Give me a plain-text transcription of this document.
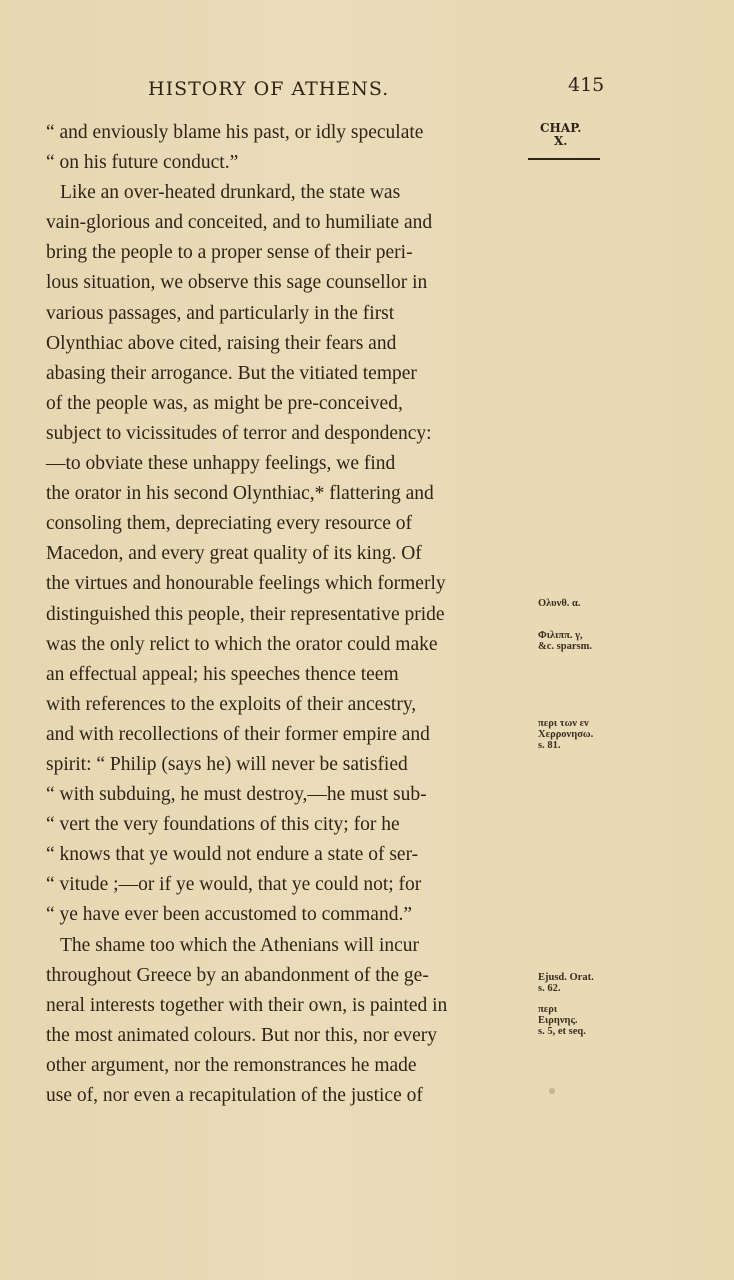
HISTORY OF ATHENS.	415
CHAP.
X.
“ and enviously blame his past, or idly speculate
“ on his future conduct.”
Like an over-heated drunkard, the state was
vain-glorious and conceited, and to humiliate and
bring the people to a proper sense of their peri-
lous situation, we observe this sage counsellor in
various passages, and particularly in the first
Olynthiac above cited, raising their fears and
abasing their arrogance. But the vitiated temper
of the people was, as might be pre-conceived,
subject to vicissitudes of terror and despondency:
—to obviate these unhappy feelings, we find
the orator in his second Olynthiac,* flattering and
consoling them, depreciating every resource of
Macedon, and every great quality of its king. Of
the virtues and honourable feelings which formerly
distinguished this people, their representative pride
was the only relict to which the orator could make
an effectual appeal; his speeches thence teem
with references to the exploits of their ancestry,
and with recollections of their former empire and
spirit: “ Philip (says he) will never be satisfied
“ with subduing, he must destroy,—he must sub-
“ vert the very foundations of this city; for he
“ knows that ye would not endure a state of ser-
“ vitude ;—or if ye would, that ye could not; for
“ ye have ever been accustomed to command.”
The shame too which the Athenians will incur
throughout Greece by an abandonment of the ge-
neral interests together with their own, is painted in
the most animated colours. But nor this, nor every
other argument, nor the remonstrances he made
use of, nor even a recapitulation of the justice of
Ολυνθ. α.
Φιλιππ. γ,
&c. sparsm.
περι των εν
Χερρονησω.
s. 81.
Ejusd. Orat.
s. 62.
περι
Ειρηνης.
s. 5, et seq.
